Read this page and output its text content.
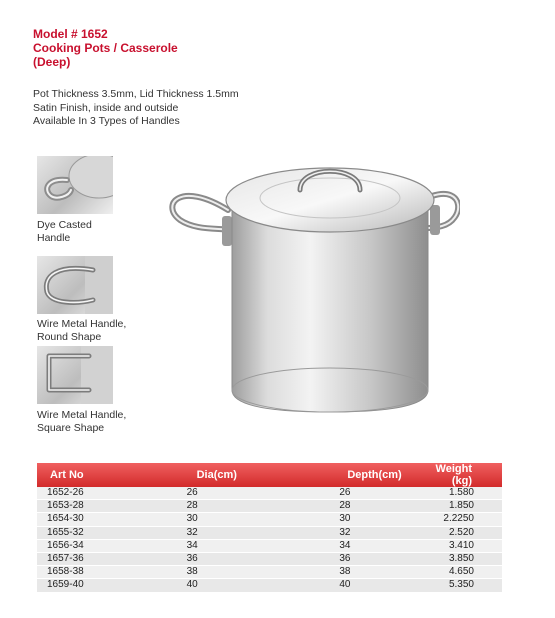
Model # 1652
Cooking Pots / Casserole
(Deep)
Pot Thickness 3.5mm, Lid Thickness 1.5mm
Satin Finish, inside and outside
Available In 3 Types of Handles
Dye Casted
Handle
Wire Metal Handle,
Round Shape
Wire Metal Handle,
Square Shape
Art No	Dia(cm)	Depth(cm)	Weight (kg)
1652-26	26	26	1.580
1653-28	28	28	1.850
1654-30	30	30	2.2250
1655-32	32	32	2.520
1656-34	34	34	3.410
1657-36	36	36	3.850
1658-38	38	38	4.650
1659-40	40	40	5.350
